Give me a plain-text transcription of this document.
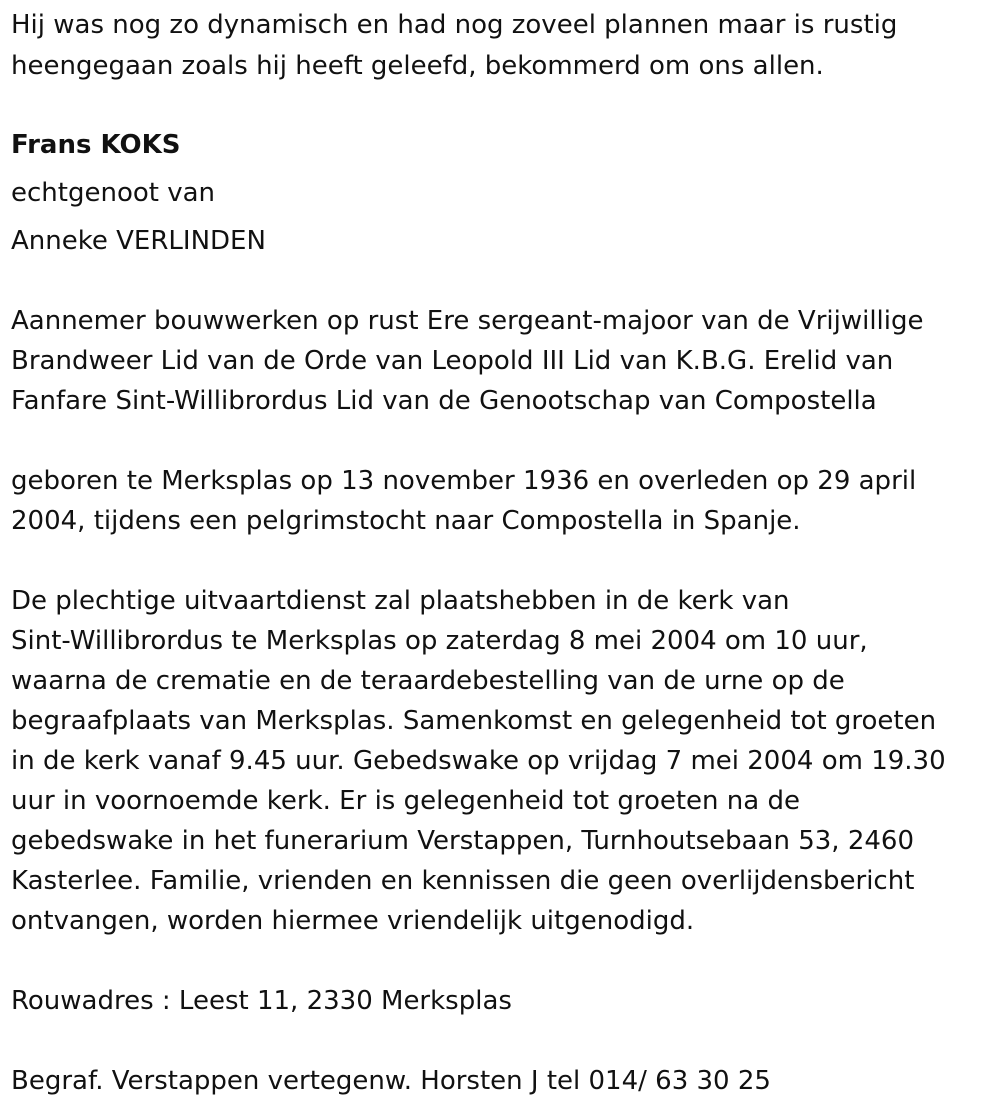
Hij was nog zo dynamisch en had nog zoveel plannen maar is rustig
heengegaan zoals hij heeft geleefd, bekommerd om ons allen.
Frans KOKS
echtgenoot van
Anneke VERLINDEN
Aannemer bouwwerken op rust Ere sergeant-majoor van de Vrijwillige
Brandweer Lid van de Orde van Leopold III Lid van K.B.G. Erelid van
Fanfare Sint-Willibrordus Lid van de Genootschap van Compostella
geboren te Merksplas op 13 november 1936 en overleden op 29 april
2004, tijdens een pelgrimstocht naar Compostella in Spanje.
De plechtige uitvaartdienst zal plaatshebben in de kerk van
Sint-Willibrordus te Merksplas op zaterdag 8 mei 2004 om 10 uur,
waarna de crematie en de teraardebestelling van de urne op de
begraafplaats van Merksplas. Samenkomst en gelegenheid tot groeten
in de kerk vanaf 9.45 uur. Gebedswake op vrijdag 7 mei 2004 om 19.30
uur in voornoemde kerk. Er is gelegenheid tot groeten na de
gebedswake in het funerarium Verstappen, Turnhoutsebaan 53, 2460
Kasterlee. Familie, vrienden en kennissen die geen overlijdensbericht
ontvangen, worden hiermee vriendelijk uitgenodigd.
Rouwadres : Leest 11, 2330 Merksplas
Begraf. Verstappen vertegenw. Horsten J tel 014/ 63 30 25
